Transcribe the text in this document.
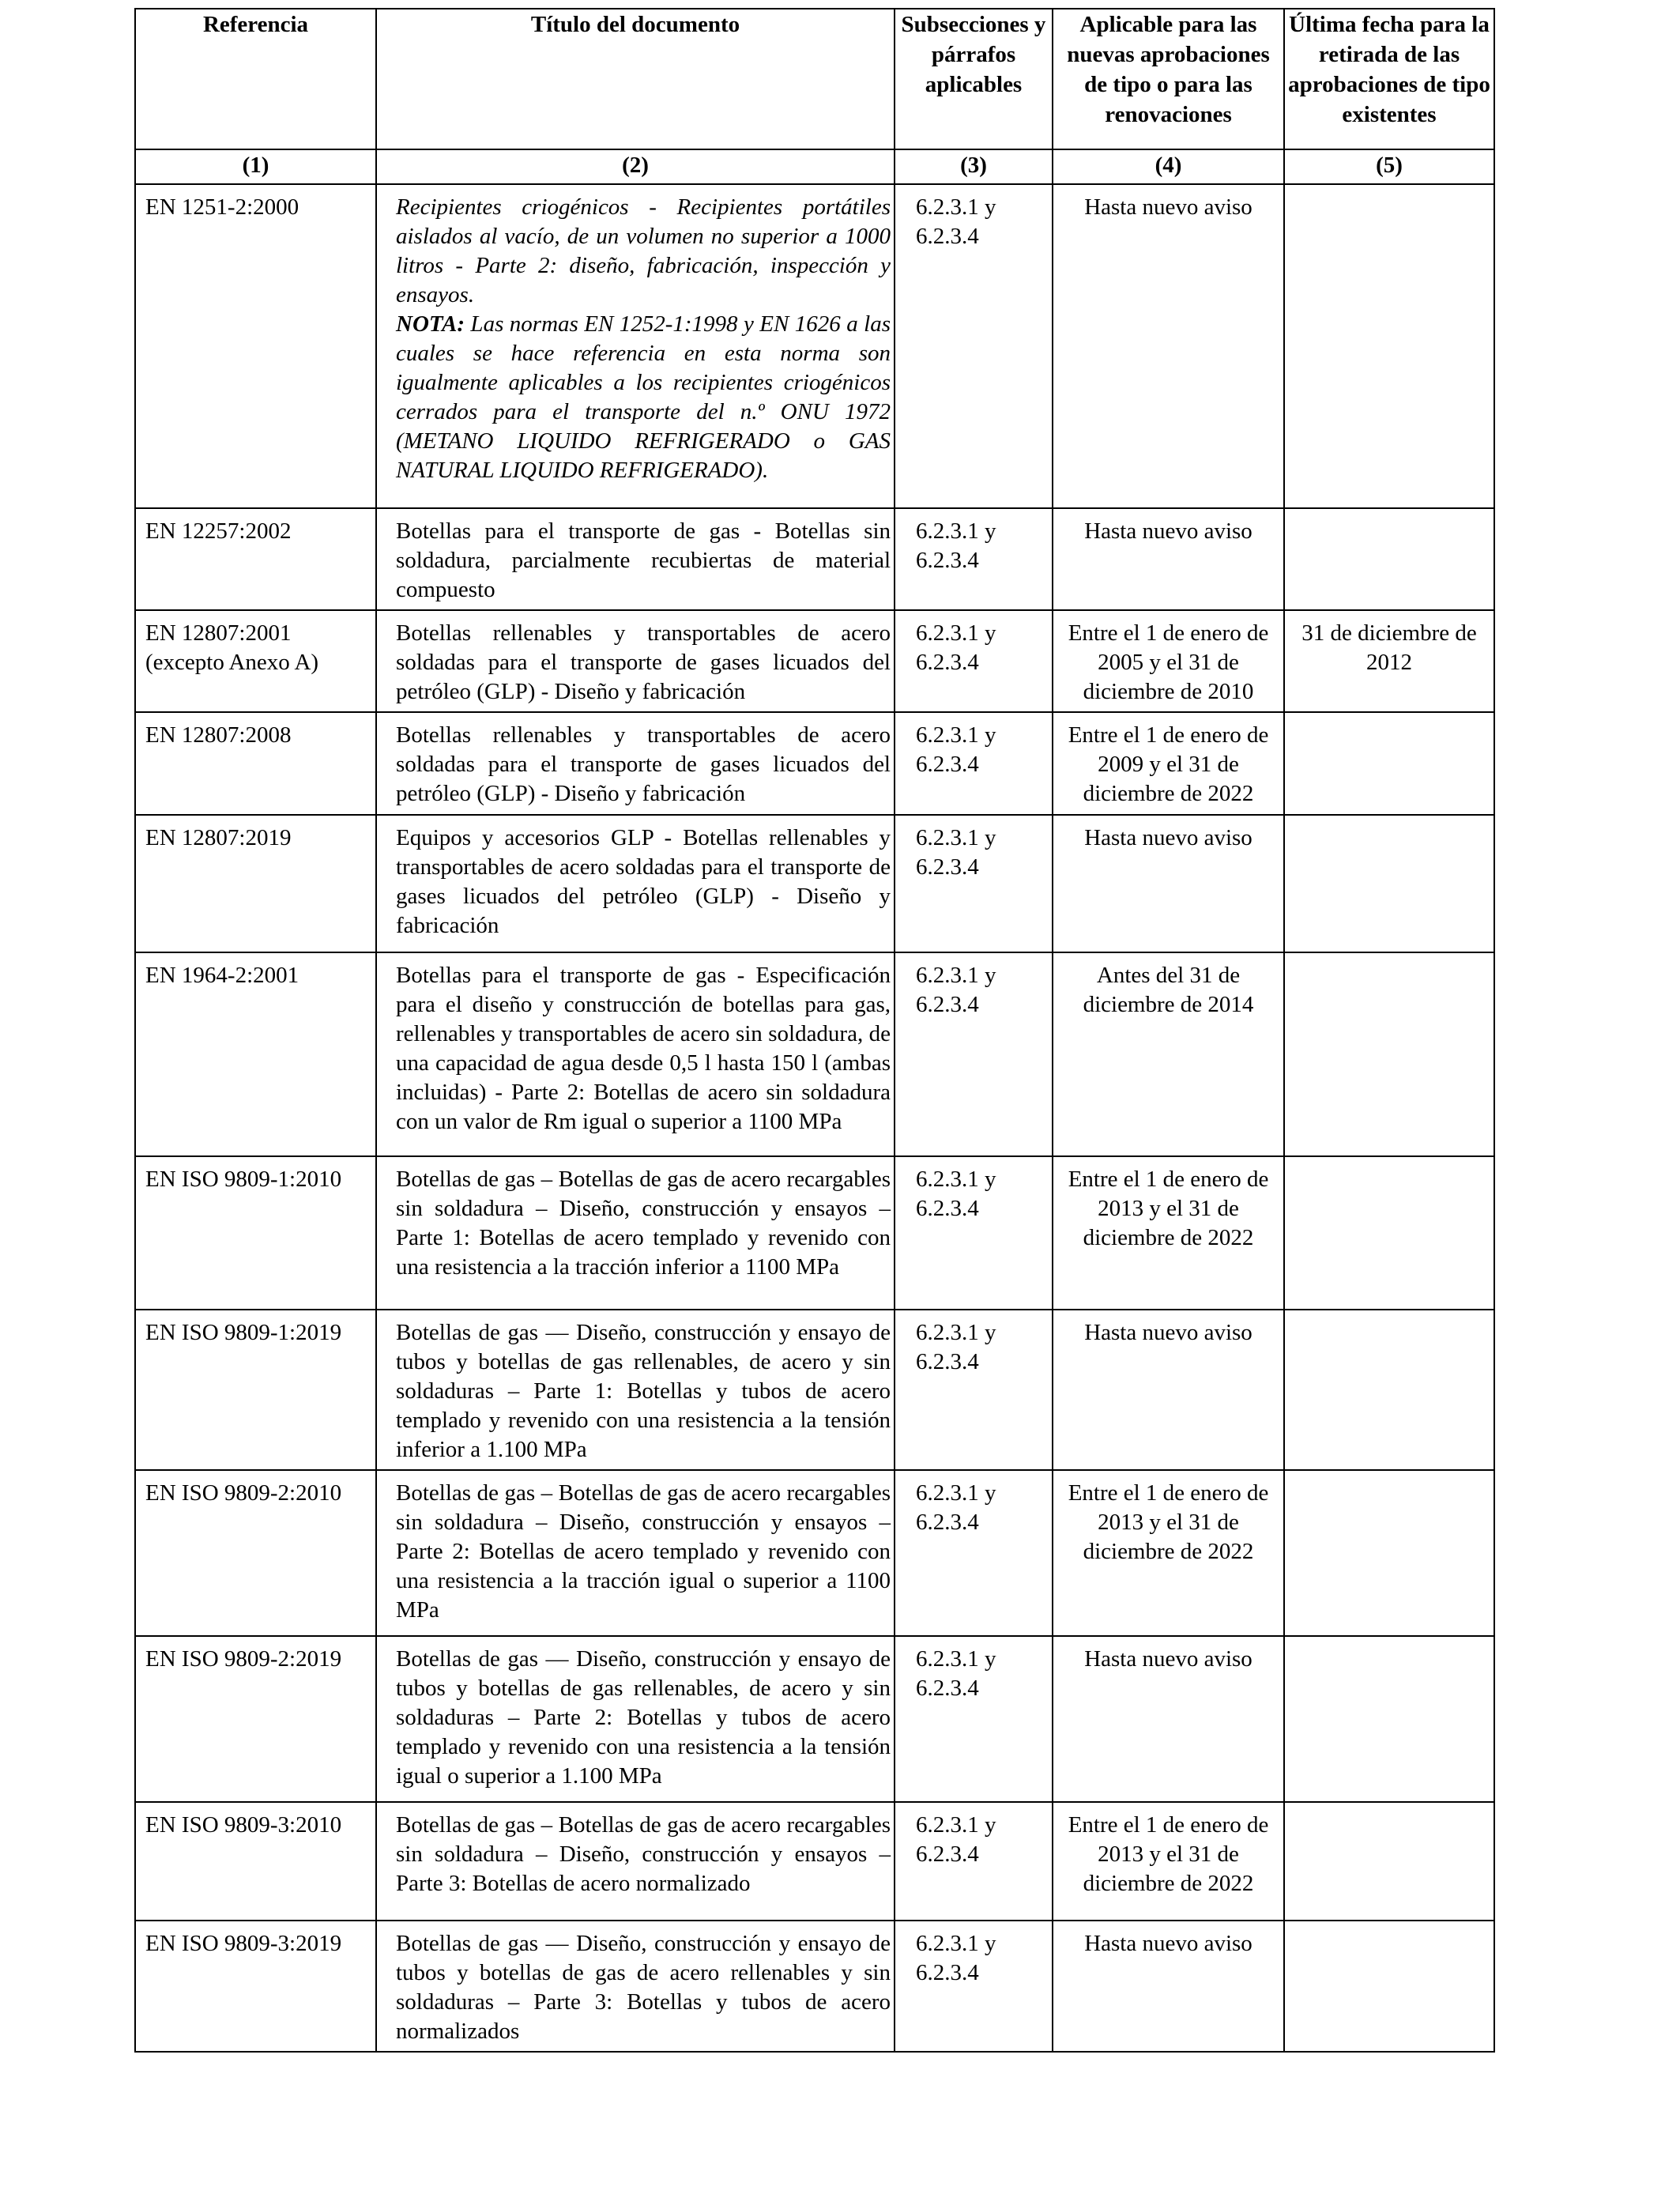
Referencia	Título del documento	Subsecciones y párrafos aplicables	Aplicable para las nuevas aprobaciones de tipo o para las renovaciones	Última fecha para la retirada de las aprobaciones de tipo existentes

(1)	(2)	(3)	(4)	(5)
EN 1251-2:2000	Recipientes criogénicos - Recipientes portátiles aislados al vacío, de un volumen no superior a 1000 litros - Parte 2: diseño, fabricación, inspección y ensayos.
NOTA: Las normas EN 1252-1:1998 y EN 1626 a las cuales se hace referencia en esta norma son igualmente aplicables a los recipientes criogénicos cerrados para el transporte del n.º ONU 1972 (METANO LIQUIDO REFRIGERADO o GAS NATURAL LIQUIDO REFRIGERADO).	6.2.3.1 y 6.2.3.4	Hasta nuevo aviso	
EN 12257:2002	Botellas para el transporte de gas - Botellas sin soldadura, parcialmente recubiertas de material compuesto	6.2.3.1 y 6.2.3.4	Hasta nuevo aviso	
EN 12807:2001 (excepto Anexo A)	Botellas rellenables y transportables de acero soldadas para el transporte de gases licuados del petróleo (GLP) - Diseño y fabricación	6.2.3.1 y 6.2.3.4	Entre el 1 de enero de 2005 y el 31 de diciembre de 2010	31 de diciembre de 2012
EN 12807:2008	Botellas rellenables y transportables de acero soldadas para el transporte de gases licuados del petróleo (GLP) - Diseño y fabricación	6.2.3.1 y 6.2.3.4	Entre el 1 de enero de 2009 y el 31 de diciembre de 2022	
EN 12807:2019	Equipos y accesorios GLP - Botellas rellenables y transportables de acero soldadas para el transporte de gases licuados del petróleo (GLP) - Diseño y fabricación	6.2.3.1 y 6.2.3.4	Hasta nuevo aviso	
EN 1964-2:2001	Botellas para el transporte de gas - Especificación para el diseño y construcción de botellas para gas, rellenables y transportables de acero sin soldadura, de una capacidad de agua desde 0,5 l hasta 150 l (ambas incluidas) - Parte 2: Botellas de acero sin soldadura con un valor de Rm igual o superior a 1100 MPa	6.2.3.1 y 6.2.3.4	Antes del 31 de diciembre de 2014	
EN ISO 9809-1:2010	Botellas de gas – Botellas de gas de acero recargables sin soldadura – Diseño, construcción y ensayos – Parte 1: Botellas de acero templado y revenido con una resistencia a la tracción inferior a 1100 MPa	6.2.3.1 y 6.2.3.4	Entre el 1 de enero de 2013 y el 31 de diciembre de 2022	
EN ISO 9809-1:2019	Botellas de gas — Diseño, construcción y ensayo de tubos y botellas de gas rellenables, de acero y sin soldaduras – Parte 1: Botellas y tubos de acero templado y revenido con una resistencia a la tensión inferior a 1.100 MPa	6.2.3.1 y 6.2.3.4	Hasta nuevo aviso	
EN ISO 9809-2:2010	Botellas de gas – Botellas de gas de acero recargables sin soldadura – Diseño, construcción y ensayos – Parte 2: Botellas de acero templado y revenido con una resistencia a la tracción igual o superior a 1100 MPa	6.2.3.1 y 6.2.3.4	Entre el 1 de enero de 2013 y el 31 de diciembre de 2022	
EN ISO 9809-2:2019	Botellas de gas — Diseño, construcción y ensayo de tubos y botellas de gas rellenables, de acero y sin soldaduras – Parte 2: Botellas y tubos de acero templado y revenido con una resistencia a la tensión igual o superior a 1.100 MPa	6.2.3.1 y 6.2.3.4	Hasta nuevo aviso	
EN ISO 9809-3:2010	Botellas de gas – Botellas de gas de acero recargables sin soldadura – Diseño, construcción y ensayos – Parte 3: Botellas de acero normalizado	6.2.3.1 y 6.2.3.4	Entre el 1 de enero de 2013 y el 31 de diciembre de 2022	
EN ISO 9809-3:2019	Botellas de gas — Diseño, construcción y ensayo de tubos y botellas de gas de acero rellenables y sin soldaduras – Parte 3: Botellas y tubos de acero normalizados	6.2.3.1 y 6.2.3.4	Hasta nuevo aviso	
